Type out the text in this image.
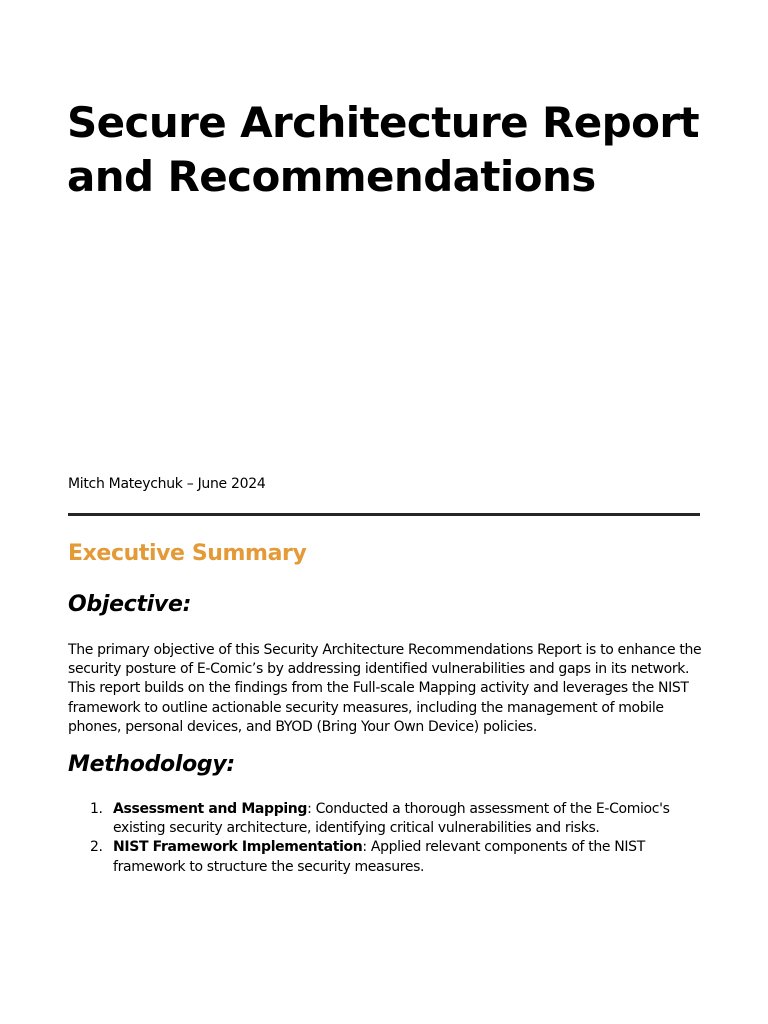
Secure Architecture Report
and Recommendations
Mitch Mateychuk – June 2024
Executive Summary
Objective:

The primary objective of this Security Architecture Recommendations Report is to enhance the
security posture of E-Comic’s by addressing identified vulnerabilities and gaps in its network.
This report builds on the findings from the Full-scale Mapping activity and leverages the NIST
framework to outline actionable security measures, including the management of mobile
phones, personal devices, and BYOD (Bring Your Own Device) policies.

Methodology:
1. Assessment and Mapping: Conducted a thorough assessment of the E-Comioc's
existing security architecture, identifying critical vulnerabilities and risks.
2. NIST Framework Implementation: Applied relevant components of the NIST
framework to structure the security measures.
